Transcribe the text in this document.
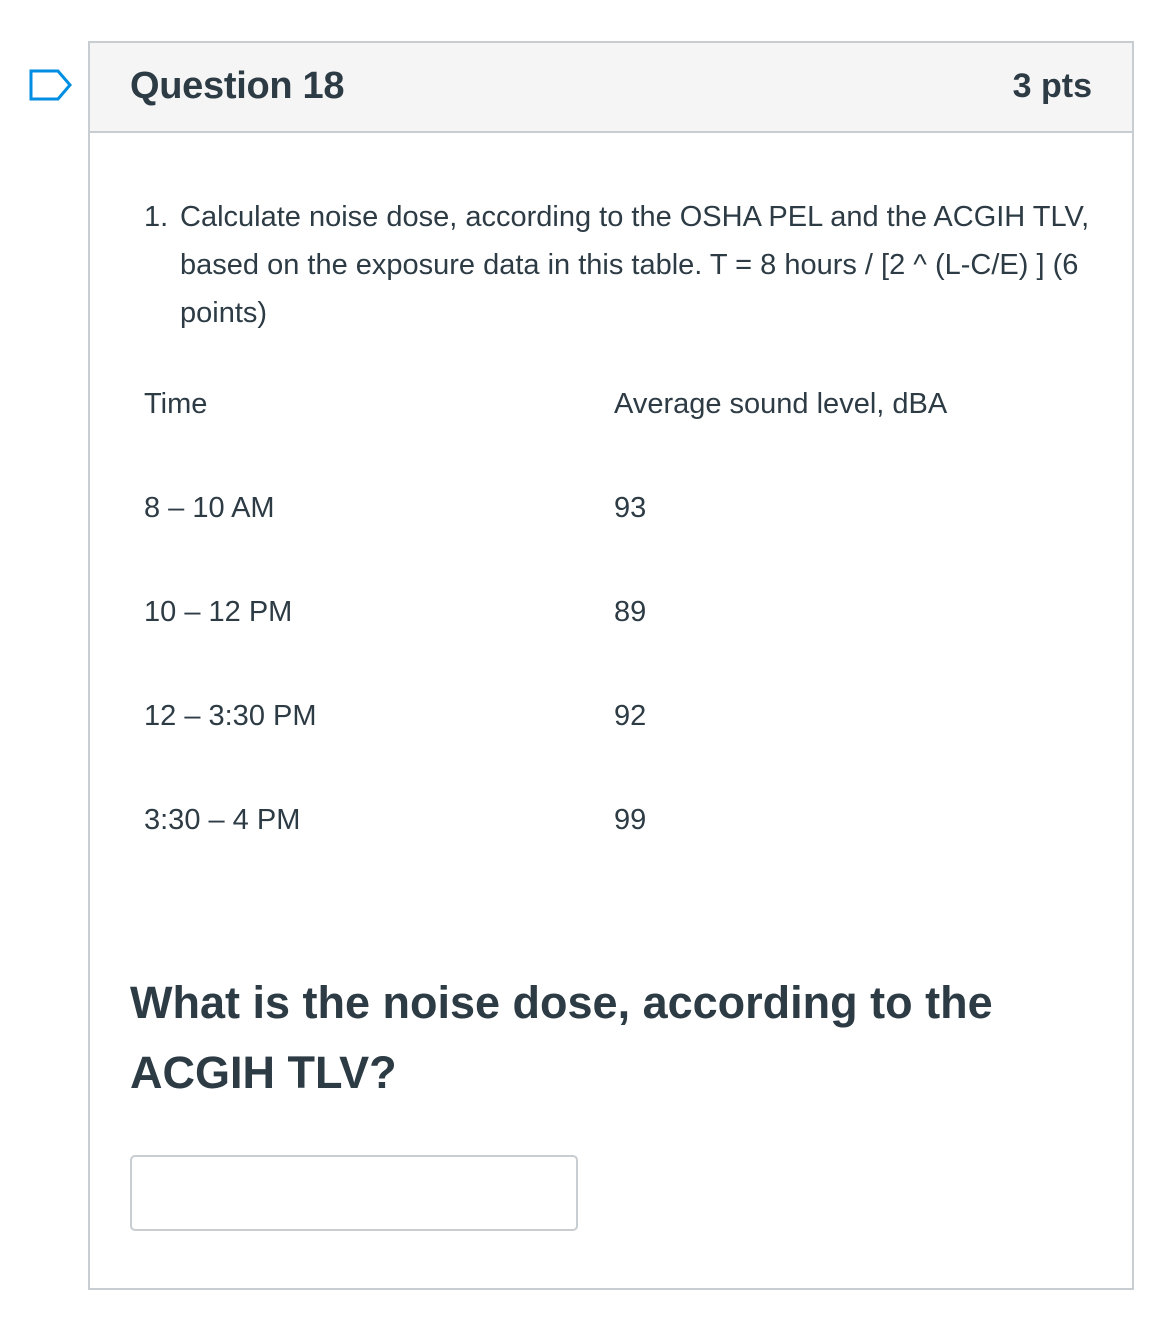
Question 18	3 pts
1. Calculate noise dose, according to the OSHA PEL and the ACGIH TLV, based on the exposure data in this table. T = 8 hours / [2 ^ (L-C/E) ] (6 points)
Time	Average sound level, dBA
8 – 10 AM	93
10 – 12 PM	89
12 – 3:30 PM	92
3:30 – 4 PM	99
What is the noise dose, according to the ACGIH TLV?
